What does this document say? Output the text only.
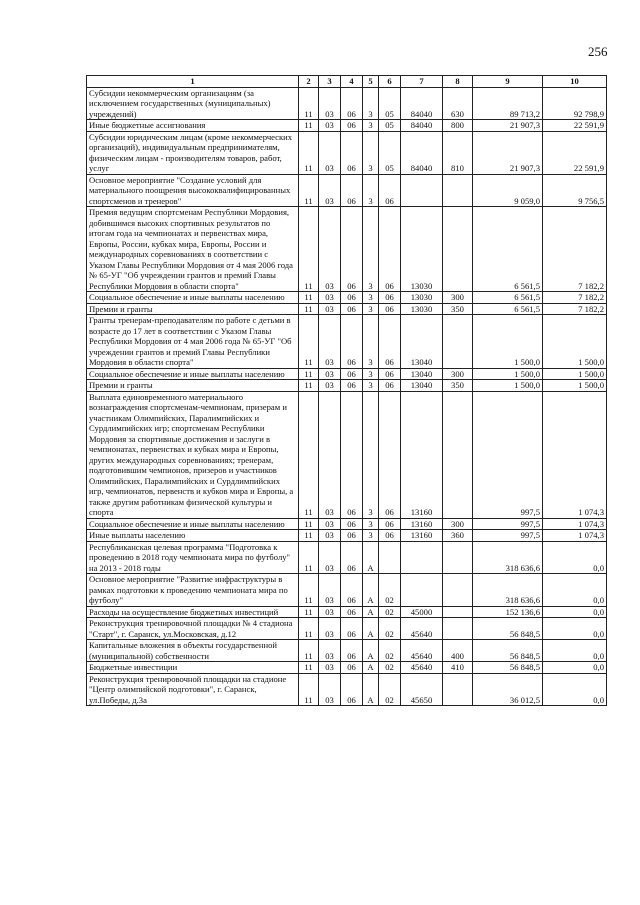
256
1	2	3	4	5	6	7	8	9	10
Субсидии некоммерческим организациям (за исключением государственных (муниципальных) учреждений)	11	03	06	3	05	84040	630	89 713,2	92 798,9
Иные бюджетные ассигнования	11	03	06	3	05	84040	800	21 907,3	22 591,9
Субсидии юридическим лицам (кроме некоммерческих организаций), индивидуальным предпринимателям, физическим лицам - производителям товаров, работ, услуг	11	03	06	3	05	84040	810	21 907,3	22 591,9
Основное мероприятие "Создание условий для материального поощрения высококвалифицированных спортсменов и тренеров"	11	03	06	3	06			9 059,0	9 756,5
Премия ведущим спортсменам Республики Мордовия, добившимся высоких спортивных результатов по итогам года на чемпионатах и первенствах мира, Европы, России, кубках мира, Европы, России и международных соревнованиях в соответствии с Указом Главы Республики Мордовия от 4 мая 2006 года № 65-УГ "Об учреждении грантов и премий Главы Республики Мордовия в области спорта"	11	03	06	3	06	13030		6 561,5	7 182,2
Социальное обеспечение и иные выплаты населению	11	03	06	3	06	13030	300	6 561,5	7 182,2
Премии и гранты	11	03	06	3	06	13030	350	6 561,5	7 182,2
Гранты тренерам-преподавателям по работе с детьми в возрасте до 17 лет в соответствии с Указом Главы Республики Мордовия от 4 мая 2006 года № 65-УГ "Об учреждении грантов и премий Главы Республики Мордовия в области спорта"	11	03	06	3	06	13040		1 500,0	1 500,0
Социальное обеспечение и иные выплаты населению	11	03	06	3	06	13040	300	1 500,0	1 500,0
Премии и гранты	11	03	06	3	06	13040	350	1 500,0	1 500,0
Выплата единовременного материального вознаграждения спортсменам-чемпионам, призерам и участникам Олимпийских, Паралимпийских и Сурдлимпийских игр; спортсменам Республики Мордовия за спортивные достижения и заслуги в чемпионатах, первенствах и кубках мира и Европы, других международных соревнованиях; тренерам, подготовившим чемпионов, призеров и участников Олимпийских, Паралимпийских и Сурдлимпийских игр, чемпионатов, первенств и кубков мира и Европы, а также другим работникам физической культуры и спорта	11	03	06	3	06	13160		997,5	1 074,3
Социальное обеспечение и иные выплаты населению	11	03	06	3	06	13160	300	997,5	1 074,3
Иные выплаты населению	11	03	06	3	06	13160	360	997,5	1 074,3
Республиканская целевая программа "Подготовка к проведению в 2018 году чемпионата мира по футболу" на 2013 - 2018 годы	11	03	06	А				318 636,6	0,0
Основное мероприятие "Развитие инфраструктуры в рамках подготовки к проведению чемпионата мира по футболу"	11	03	06	А	02			318 636,6	0,0
Расходы на осуществление бюджетных инвестиций	11	03	06	А	02	45000		152 136,6	0,0
Реконструкция тренировочной площадки № 4 стадиона "Старт", г. Саранск, ул.Московская, д.12	11	03	06	А	02	45640		56 848,5	0,0
Капитальные вложения в объекты государственной (муниципальной) собственности	11	03	06	А	02	45640	400	56 848,5	0,0
Бюджетные инвестиции	11	03	06	А	02	45640	410	56 848,5	0,0
Реконструкция тренировочной площадки на стадионе "Центр олимпийской подготовки", г. Саранск, ул.Победы, д.3а	11	03	06	А	02	45650		36 012,5	0,0
